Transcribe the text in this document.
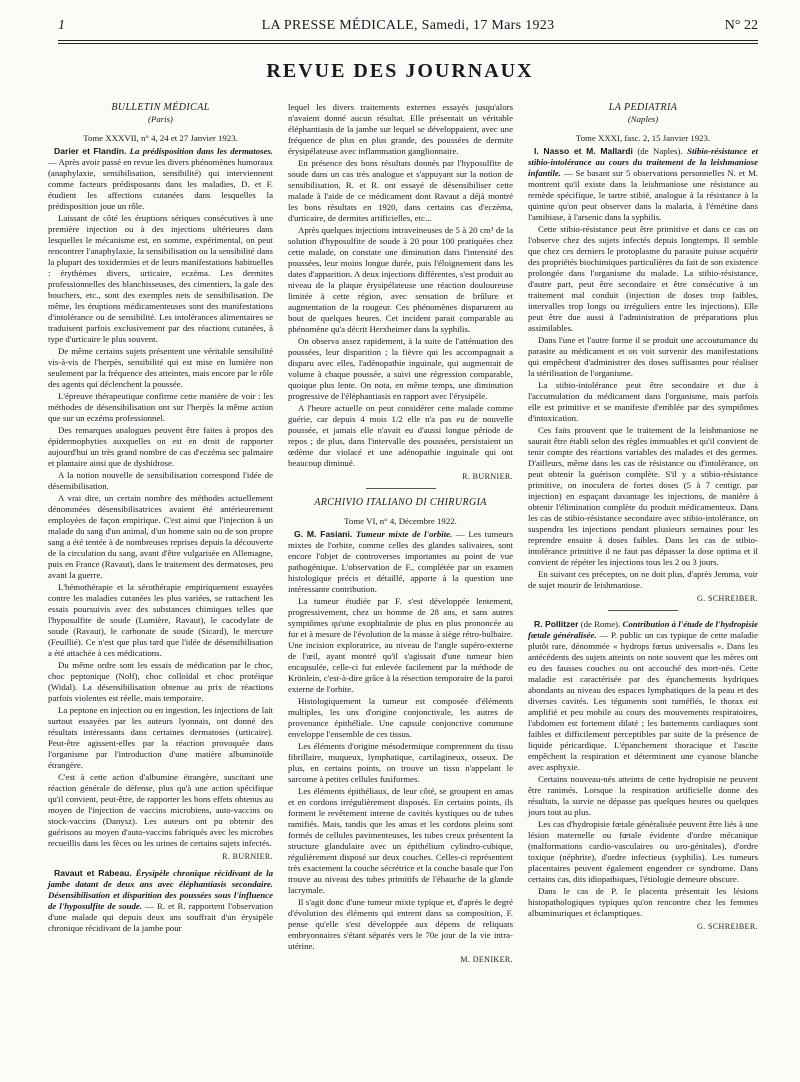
1	LA PRESSE MÉDICALE, Samedi, 17 Mars 1923	N° 22
REVUE DES JOURNAUX
BULLETIN MÉDICAL
(Paris)
Tome XXXVII, n° 4, 24 et 27 Janvier 1923.

Darier et Flandin. La prédisposition dans les dermatoses. — Après avoir passé en revue les divers phénomènes humoraux (anaphylaxie, sensibilisation, sensibilité) qui interviennent comme facteurs prédisposants dans les maladies, D. et F. étudient les affections cutanées dans lesquelles la prédisposition joue un rôle.

Laissant de côté les éruptions sériques consécutives à une première injection ou à des injections ultérieures dans lesquelles le mécanisme est, en somme, expérimental, on peut rencontrer l'anaphylaxie, la sensibilisation ou la sensibilité dans la plupart des toxidermies et de leurs manifestations habituelles : érythèmes divers, urticaire, eczéma. Les dermites professionnelles des blanchisseuses, des cimentiers, la gale des bouchers, etc., sont des exemples nets de sensibilisation. De même, les éruptions médicamenteuses sont des manifestations d'intolérance ou de sensibilité. Les intolérances alimentaires se traduisent parfois exclusivement par des réactions cutanées, à type d'urticaire le plus souvent.

De même certains sujets présentent une véritable sensibilité vis-à-vis de l'herpès, sensibilité qui est mise en lumière non seulement par la fréquence des atteintes, mais encore par le rôle des agents qui déclenchent la poussée.

L'épreuve thérapeutique confirme cette manière de voir : les méthodes de désensibilisation ont sur l'herpès la même action que sur un eczéma professionnel.

Des remarques analogues peuvent être faites à propos des épidermophyties auxquelles on est en droit de rapporter aujourd'hui un très grand nombre de cas d'eczéma sec palmaire et plantaire ainsi que de dyshidrose.

A la notion nouvelle de sensibilisation correspond l'idée de désensibilisation.

A vrai dire, un certain nombre des méthodes actuellement dénommées désensibilisatrices avaient été antérieurement employées de façon empirique. C'est ainsi que l'injection à un malade du sang d'un animal, d'un homme sain ou de son propre sang a été tentée à de nombreuses reprises depuis la découverte de la circulation du sang, avant d'être vulgarisée en Allemagne, puis en France (Ravaut), dans le traitement des dermatoses, peu avant la guerre.

L'hémothérapie et la sérothérapie empiriquement essayées contre les maladies cutanées les plus variées, se rattachent les essais poursuivis avec des substances chimiques telles que l'hyposulfite de soude (Lumière, Ravaut), le cacodylate de soude (Ravaut), le carbonate de soude (Sicard), le mercure (Feuillié). Ce n'est que plus tard que l'idée de désensibilisation a été attachée à ces médications.

Du même ordre sont les essais de médication par le choc, choc peptonique (Nolf), choc colloïdal et choc protéique (Widal). La désensibilisation obtenue au prix de réactions parfois violentes est réelle, mais temporaire.

La peptone en injection ou en ingestion, les injections de lait surtout essayées par les auteurs lyonnais, ont donné des résultats intéressants dans certaines dermatoses (urticaire). Peut-être agissent-elles par la réaction provoquée dans l'organisme par l'introduction d'une matière albuminoïde étrangère.

C'est à cette action d'albumine étrangère, suscitant une réaction générale de défense, plus qu'à une action spécifique qu'il convient, peut-être, de rapporter les bons effets obtenus au moyen de l'injection de vaccins microbiens, auto-vaccins ou stock-vaccins (Danysz). Les auteurs ont pu obtenir des guérisons au moyen d'auto-vaccins fabriqués avec les microbes recueillis dans les fèces ou les urines de certains sujets infectés.

R. BURNIER.

Ravaut et Rabeau. Érysipèle chronique récidivant de la jambe datant de deux ans avec éléphantiasis secondaire. Désensibilisation et disparition des poussées sous l'influence de l'hyposulfite de soude. — R. et R. rapportent l'observation d'une malade qui depuis deux ans souffrait d'un érysipèle chronique récidivant de la jambe pour

lequel les divers traitements externes essayés jusqu'alors n'avaient donné aucun résultat. Elle présentait un véritable éléphantiasis de la jambe sur lequel se développaient, avec une fréquence de plus en plus grande, des poussées de dermite érysipélateuse avec inflammation ganglionnaire.

En présence des bons résultats donnés par l'hyposulfite de soude dans un cas très analogue et s'appuyant sur la notion de sensibilisation, R. et R. ont essayé de désensibiliser cette malade à l'aide de ce médicament dont Ravaut a déjà montré les bons résultats en 1920, dans certains cas d'eczéma, d'urticaire, de dermites artificielles, etc...

Après quelques injections intraveineuses de 5 à 20 cm³ de la solution d'hyposulfite de soude à 20 pour 100 pratiquées chez cette malade, on constate une diminution dans l'intensité des poussées, leur moins longue durée, puis l'éloignement dans les dates d'apparition. A deux injections différentes, s'est produit au niveau de la plaque érysipélateuse une réaction douloureuse limitée à cette région, avec sensation de brûlure et augmentation de la rougeur. Ces phénomènes disparurent au bout de quelques heures. Cet incident parait comparable au phénomène qu'a décrit Herxheimer dans la syphilis.

On observa assez rapidement, à la suite de l'atténuation des poussées, leur disparition ; la fièvre qui les accompagnait a disparu avec elles, l'adénopathie inguinale, qui augmentait de volume à chaque poussée, a suivi une régression comparable, quoique plus lente. On nota, en même temps, une diminution progressive de l'éléphantiasis en rapport avec l'érysipèle.

A l'heure actuelle on peut considérer cette malade comme guérie, car depuis 4 mois 1/2 elle n'a pas eu de nouvelle poussée, et jamais elle n'avait eu d'aussi longue période de repos ; de plus, dans l'intervalle des poussées, persistaient un œdème dur violacé et une adénopathie inguinale qui ont beaucoup diminué.

R. BURNIER.
ARCHIVIO ITALIANO DI CHIRURGIA
Tome VI, n° 4, Décembre 1922.

G. M. Fasiani. Tumeur mixte de l'orbite. — Les tumeurs mixtes de l'orbite, comme celles des glandes salivaires, sont encore l'objet de controverses importantes au point de vue pathogénique. L'observation de F., complétée par un examen histologique précis et détaillé, apporte à la question une intéressante contribution.

La tumeur étudiée par F. s'est développée lentement, progressivement, chez un homme de 28 ans, et sans autres symptômes qu'une exophtalmie de plus en plus prononcée au fur et à mesure de l'évolution de la masse à siège rétro-bulbaire. Une incision exploratrice, au niveau de l'angle supéro-externe de l'œil, ayant montré qu'il s'agissait d'une tumeur bien encapsulée, celle-ci fut enlevée facilement par la méthode de Krönlein, c'est-à-dire grâce à la résection temporaire de la paroi externe de l'orbite.

Histologiquement la tumeur est composée d'éléments multiples, les uns d'origine conjonctivale, les autres de provenance épithéliale. Une capsule conjonctive commune enveloppe l'ensemble de ces tissus.

Les éléments d'origine mésodermique comprennent du tissu fibrillaire, muqueux, lymphatique, cartilagineux, osseux. De plus, en certains points, on trouve un tissu n'appelant le sarcome à petites cellules fusiformes.

Les éléments épithéliaux, de leur côté, se groupent en amas et en cordons irrégulièrement disposés. En certains points, ils forment le revêtement interne de cavités kystiques ou de tubes ramifiés. Mais, tandis que les amas et les cordons pleins sont formés de cellules pavimenteuses, les tubes creux présentent la structure glandulaire avec un épithélium cylindro-cubique, régulièrement disposé sur deux couches. Celles-ci représentent très exactement la couche sécrétrice et la couche basale que l'on trouve au niveau des tubes primitifs de l'ébauche de la glande lacrymale.

Il s'agit donc d'une tumeur mixte typique et, d'après le degré d'évolution des éléments qui entrent dans sa composition, F. pense qu'elle s'est développée aux dépens de reliquats embryonnaires s'étant séparés vers le 70e jour de la vie intra-utérine.

M. DENIKER.
LA PEDIATRIA
(Naples)
Tome XXXI, fasc. 2, 15 Janvier 1923.

I. Nasso et M. Mallardi (de Naples). Stibio-résistance et stibio-intolérance au cours du traitement de la leishmaniose infantile. — Se basant sur 5 observations personnelles N. et M. montrent qu'il existe dans la leishmaniose une résistance au remède spécifique, le tartre stibié, analogue à la résistance à la quinine qu'on peut observer dans la malaria, à l'émétine dans l'amibiase, à l'arsenic dans la syphilis.

Cette stibio-résistance peut être primitive et dans ce cas on l'observe chez des sujets infectés depuis longtemps. Il semble que chez ces derniers le protoplasme du parasite puisse acquérir des propriétés biochimiques particulières du fait de son existence prolongée dans l'organisme du malade. La stibio-résistance, d'autre part, peut être secondaire et être consécutive à un traitement mal conduit (injection de doses trop faibles, intervalles trop longs ou irréguliers entre les injections). Elle peut être due aussi à l'administration de préparations plus assimilables.

Dans l'une et l'autre forme il se produit une accoutumance du parasite au médicament et on voit survenir des manifestations qui empêchent d'administrer des doses suffisantes pour réaliser la stérilisation de l'organisme.

La stibio-intolérance peut être secondaire et due à l'accumulation du médicament dans l'organisme, mais parfois elle est primitive et se manifeste d'emblée par des symptômes d'intoxication.

Ces faits prouvent que le traitement de la leishmaniose ne saurait être établi selon des règles immuables et qu'il convient de tenir compte des réactions variables des malades et des germes. D'ailleurs, même dans les cas de résistance ou d'intolérance, on peut obtenir la guérison complète. S'il y a stibio-résistance primitive, on inoculera de fortes doses (5 à 7 centigr. par injection) en espaçant davantage les injections, de manière à obtenir l'élimination complète du produit médicamenteux. Dans les cas de stibio-résistance secondaire avec stibio-intolérance, on suspendra les injections pendant plusieurs semaines pour les reprendre ensuite à doses faibles. Dans les cas de stibio-intolérance primitive il ne faut pas dépasser la dose optima et il convient de répéter les injections tous les 2 ou 3 jours.

En suivant ces préceptes, on ne doit plus, d'après Jemma, voir de sujet mourir de leishmaniose.

G. SCHREIBER.

R. Pollitzer (de Rome). Contribution à l'étude de l'hydropisie fœtale généralisée. — P. public un cas typique de cette maladie plutôt rare, dénommée « hydrops fœtus universalis ». Dans les antécédents des sujets atteints on note souvent que les mères ont eu des fausses couches ou ont accouché des mort-nés. Cette maladie est caractérisée par des épanchements hydriques abondants au niveau des espaces lymphatiques de la peau et des diverses cavités. Les téguments sont tuméfiés, le thorax est amplifié et peu mobile au cours des mouvements respiratoires, l'abdomen est fortement dilaté ; les battements cardiaques sont faibles et difficilement perceptibles par suite de la présence de liquide péricardique. L'épanchement thoracique et l'ascite empêchent la respiration et déterminent une cyanose blanche avec asphyxie.

Certains nouveau-nés atteints de cette hydropisie ne peuvent être ranimés. Lorsque la respiration artificielle donne des résultats, la survie ne dépasse pas quelques heures ou quelques jours tout au plus.

Les cas d'hydropisie fœtale généralisée peuvent être liés à une lésion maternelle ou fœtale évidente d'ordre mécanique (malformations cardio-vasculaires ou uro-génitales), d'ordre toxique (néphrite), d'ordre infectieux (syphilis). Les tumeurs placentaires peuvent également engendrer ce syndrome. Dans certains cas, dits idiopathiques, l'étiologie demeure obscure.

Dans le cas de P. le placenta présentait les lésions histopathologiques typiques qu'on rencontre chez les femmes albuminuriques et éclamptiques.

G. SCHREIBER.
